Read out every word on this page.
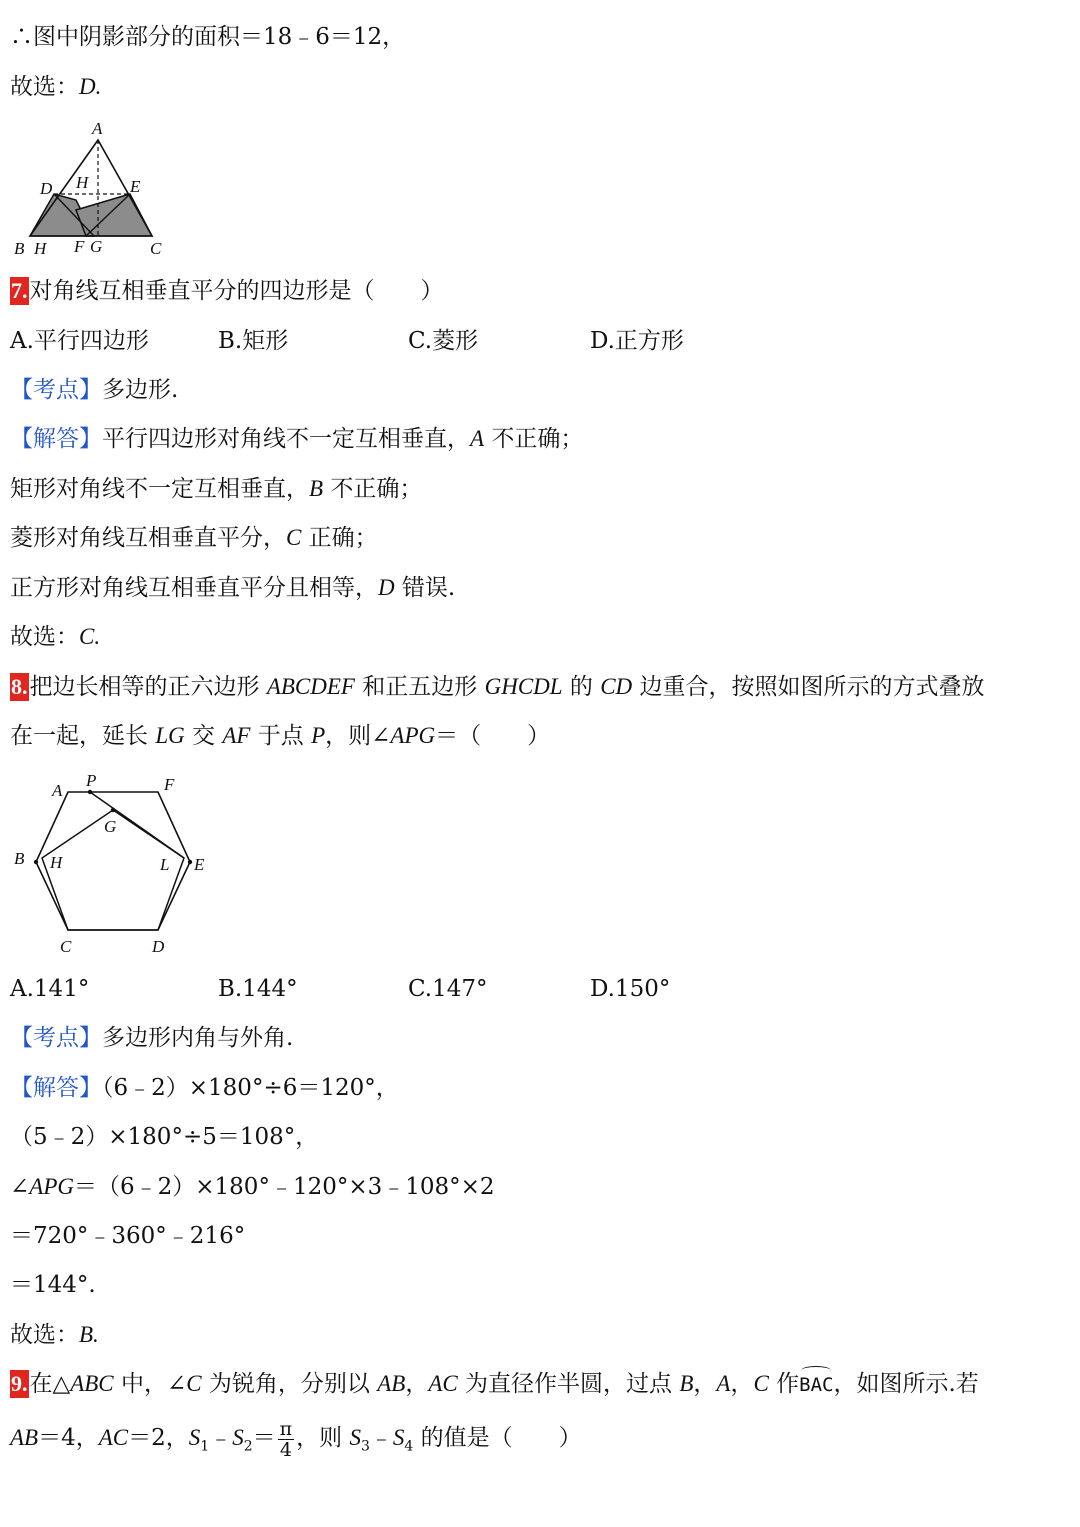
∴图中阴影部分的面积＝18﹣6＝12，
故选：D.
A
D H E
B H F G	C
7.对角线互相垂直平分的四边形是（　　）
A.平行四边形	B.矩形	C.菱形	D.正方形
【考点】多边形.
【解答】平行四边形对角线不一定互相垂直，A 不正确；
矩形对角线不一定互相垂直，B 不正确；
菱形对角线互相垂直平分，C 正确；
正方形对角线互相垂直平分且相等，D 错误.
故选：C.
8.把边长相等的正六边形 ABCDEF 和正五边形 GHCDL 的 CD 边重合，按照如图所示的方式叠放
在一起，延长 LG 交 AF 于点 P，则∠APG＝（　　）
A
P	F
G
B H	L E
C	D
A.141°	B.144°	C.147°	D.150°
【考点】多边形内角与外角.
【解答】（6﹣2）×180°÷6＝120°，
（5﹣2）×180°÷5＝108°，
∠APG＝（6﹣2）×180°﹣120°×3﹣108°×2
＝720°﹣360°﹣216°
＝144°.
故选：B.
9.在△ABC 中，∠C 为锐角，分别以 AB，AC 为直径作半圆，过点 B，A，C 作BAC，如图所示.若
AB＝4，AC＝2，$S_1﹣S_2= \frac{\pi}{4}$ ，则 $S_3﹣S_4$ 的值是（　　）
